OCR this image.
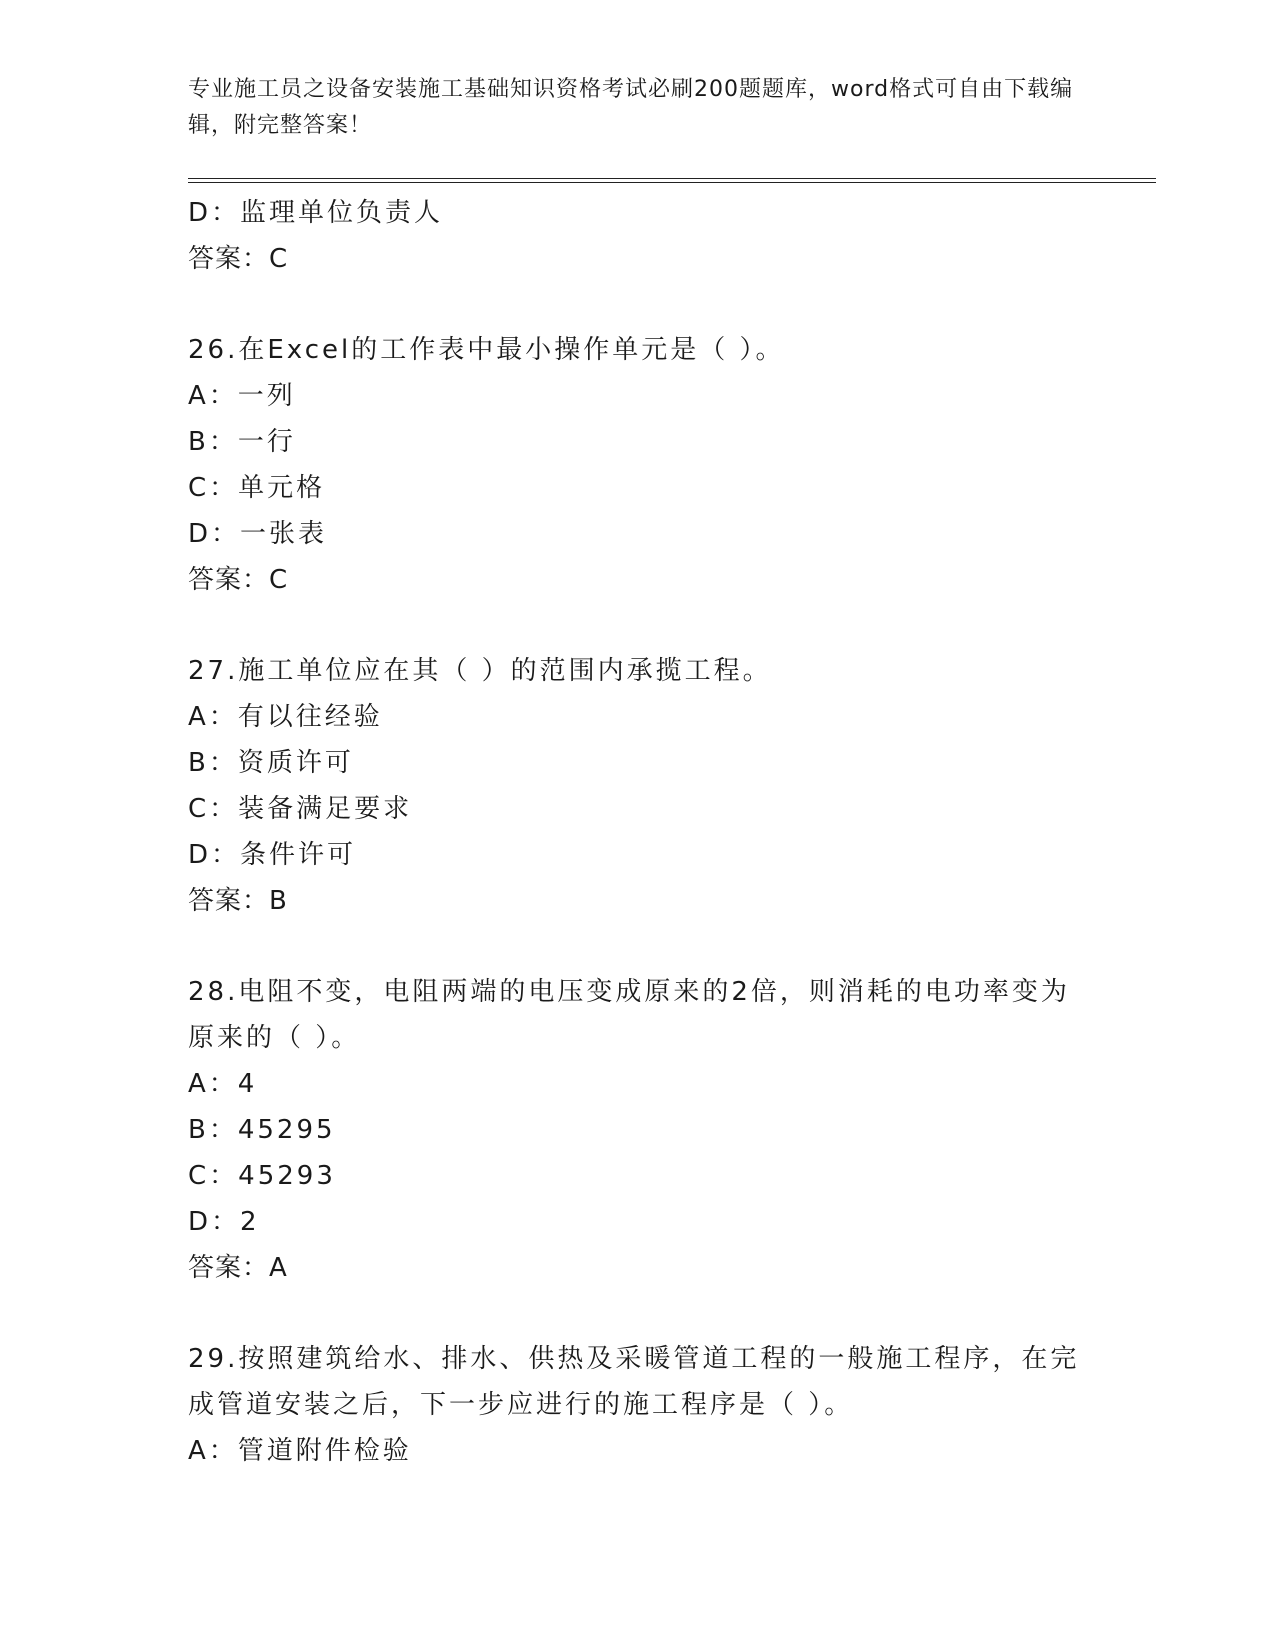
专业施工员之设备安装施工基础知识资格考试必刷200题题库，word格式可自由下载编辑，附完整答案！
D：监理单位负责人
答案：C
26.在Excel的工作表中最小操作单元是（ ）。
A：一列
B：一行
C：单元格
D：一张表
答案：C
27.施工单位应在其（ ）的范围内承揽工程。
A：有以往经验
B：资质许可
C：装备满足要求
D：条件许可
答案：B
28.电阻不变，电阻两端的电压变成原来的2倍，则消耗的电功率变为原来的（ ）。
A：4
B：45295
C：45293
D：2
答案：A
29.按照建筑给水、排水、供热及采暖管道工程的一般施工程序，在完成管道安装之后，下一步应进行的施工程序是（ ）。
A：管道附件检验
